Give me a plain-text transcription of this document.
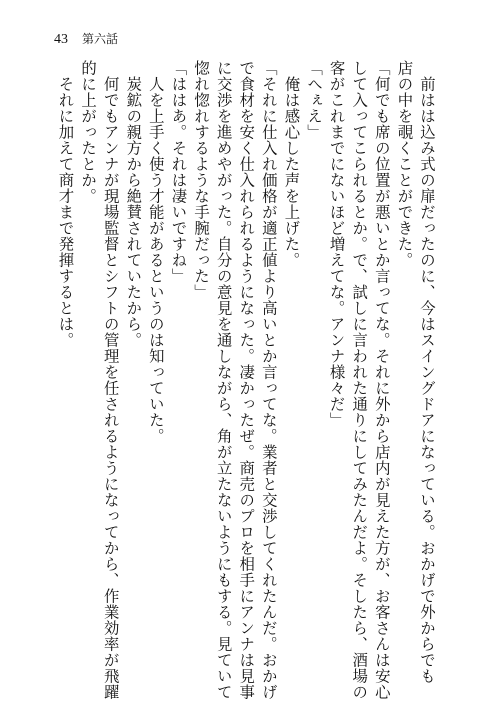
43 第六話
　前はは込み式の扉だったのに、今はスイングドアになっている。おかげで外からでも
店の中を覗くことができた。
「何でも席の位置が悪いとか言ってな。それに外から店内が見えた方が、お客さんは安心
して入ってこられるとか。で、試しに言われた通りにしてみたんだよ。そしたら、酒場の
客がこれまでにないほど増えてな。アンナ様々だ」
「へぇえ」
　俺は感心した声を上げた。
「それに仕入れ価格が適正値より高いとか言ってな。業者と交渉してくれたんだ。おかげ
で食材を安く仕入れられるようになった。凄かったぜ。商売のプロを相手にアンナは見事
に交渉を進めやがった。自分の意見を通しながら、角が立たないようにもする。見ていて
惚れ惚れするような手腕だった」
「ははあ。それは凄いですね」
　人を上手く使う才能があるというのは知っていた。
　炭鉱の親方から絶賛されていたから。
　何でもアンナが現場監督とシフトの管理を任されるようになってから、作業効率が飛躍
的に上がったとか。
　それに加えて商才まで発揮するとは。
